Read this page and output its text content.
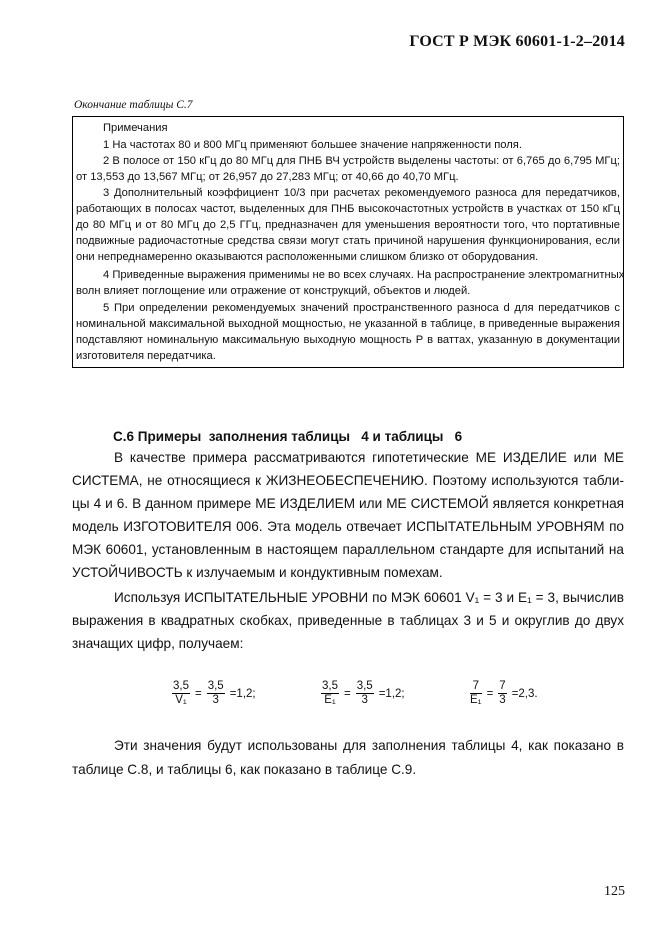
ГОСТ Р МЭК 60601-1-2–2014
Окончание таблицы С.7
Примечания
1 На частотах 80 и 800 МГц применяют большее значение напряженности поля.
2 В полосе от 150 кГц до 80 МГц для ПНБ ВЧ устройств выделены частоты: от 6,765 до 6,795 МГц;
от 13,553 до 13,567 МГц; от 26,957 до 27,283 МГц; от 40,66 до 40,70 МГц.
3 Дополнительный коэффициент 10/3 при расчетах рекомендуемого разноса для передатчиков,
работающих в полосах частот, выделенных для ПНБ высокочастотных устройств в участках от 150 кГц
до 80 МГц и от 80 МГц до 2,5 ГГц, предназначен для уменьшения вероятности того, что портативные
подвижные радиочастотные средства связи могут стать причиной нарушения функционирования, если
они непреднамеренно оказываются расположенными слишком близко от оборудования.
4 Приведенные выражения применимы не во всех случаях. На распространение электромагнитных
волн влияет поглощение или отражение от конструкций, объектов и людей.
5 При определении рекомендуемых значений пространственного разноса d для передатчиков с
номинальной максимальной выходной мощностью, не указанной в таблице, в приведенные выражения
подставляют номинальную максимальную выходную мощность P в ваттах, указанную в документации
изготовителя передатчика.
С.6 Примеры  заполнения таблицы   4 и таблицы   6
В качестве примера рассматриваются гипотетические МЕ ИЗДЕЛИЕ или МЕ
СИСТЕМА, не относящиеся к ЖИЗНЕОБЕСПЕЧЕНИЮ. Поэтому используются табли-
цы 4 и 6. В данном примере МЕ ИЗДЕЛИЕМ или МЕ СИСТЕМОЙ является конкретная
модель ИЗГОТОВИТЕЛЯ 006. Эта модель отвечает ИСПЫТАТЕЛЬНЫМ УРОВНЯМ по
МЭК 60601, установленным в настоящем параллельном стандарте для испытаний на
УСТОЙЧИВОСТЬ к излучаемым и кондуктивным помехам.
Используя ИСПЫТАТЕЛЬНЫЕ УРОВНИ по МЭК 60601 V₁ = 3 и E₁ = 3, вычислив
выражения в квадратных скобках, приведенные в таблицах 3 и 5 и округлив до двух
значащих цифр, получаем:
$\frac{3,5}{\text{V₁}} = \frac{3,5}{3} =1,2$;	$\frac{3,5}{\text{E₁}} = \frac{3,5}{3} =1,2$;	$\frac{7}{\text{E₁}} = \frac{7}{3} =2,3$.
Эти значения будут использованы для заполнения таблицы 4, как показано в
таблице С.8, и таблицы 6, как показано в таблице С.9.
125
